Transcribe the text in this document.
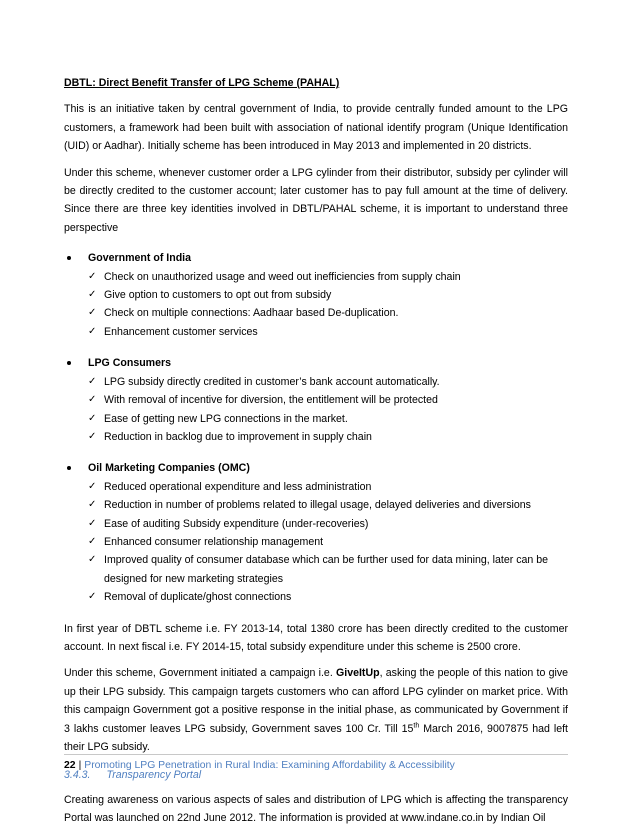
DBTL: Direct Benefit Transfer of LPG Scheme (PAHAL)

This is an initiative taken by central government of India, to provide centrally funded amount to the LPG customers, a framework had been built with association of national identify program (Unique Identification (UID) or Aadhar). Initially scheme has been introduced in May 2013 and implemented in 20 districts.

Under this scheme, whenever customer order a LPG cylinder from their distributor, subsidy per cylinder will be directly credited to the customer account; later customer has to pay full amount at the time of delivery. Since there are three key identities involved in DBTL/PAHAL scheme, it is important to understand three perspective

Government of India
✓ Check on unauthorized usage and weed out inefficiencies from supply chain
✓ Give option to customers to opt out from subsidy
✓ Check on multiple connections: Aadhaar based De-duplication.
✓ Enhancement customer services
LPG Consumers
✓ LPG subsidy directly credited in customer’s bank account automatically.
✓ With removal of incentive for diversion, the entitlement will be protected
✓ Ease of getting new LPG connections in the market.
✓ Reduction in backlog due to improvement in supply chain
Oil Marketing Companies (OMC)
✓ Reduced operational expenditure and less administration
✓ Reduction in number of problems related to illegal usage, delayed deliveries and diversions
✓ Ease of auditing Subsidy expenditure (under-recoveries)
✓ Enhanced consumer relationship management
✓ Improved quality of consumer database which can be further used for data mining, later can be designed for new marketing strategies
✓ Removal of duplicate/ghost connections

In first year of DBTL scheme i.e. FY 2013-14, total 1380 crore has been directly credited to the customer account. In next fiscal i.e. FY 2014-15, total subsidy expenditure under this scheme is 2500 crore.

Under this scheme, Government initiated a campaign i.e. GiveItUp, asking the people of this nation to give up their LPG subsidy. This campaign targets customers who can afford LPG cylinder on market price. With this campaign Government got a positive response in the initial phase, as communicated by Government if 3 lakhs customer leaves LPG subsidy, Government saves 100 Cr. Till 15th March 2016, 9007875 had left their LPG subsidy.

3.4.3. Transparency Portal

Creating awareness on various aspects of sales and distribution of LPG which is affecting the transparency Portal was launched on 22nd June 2012. The information is provided at www.indane.co.in by Indian Oil

22 | Promoting LPG Penetration in Rural India: Examining Affordability & Accessibility
